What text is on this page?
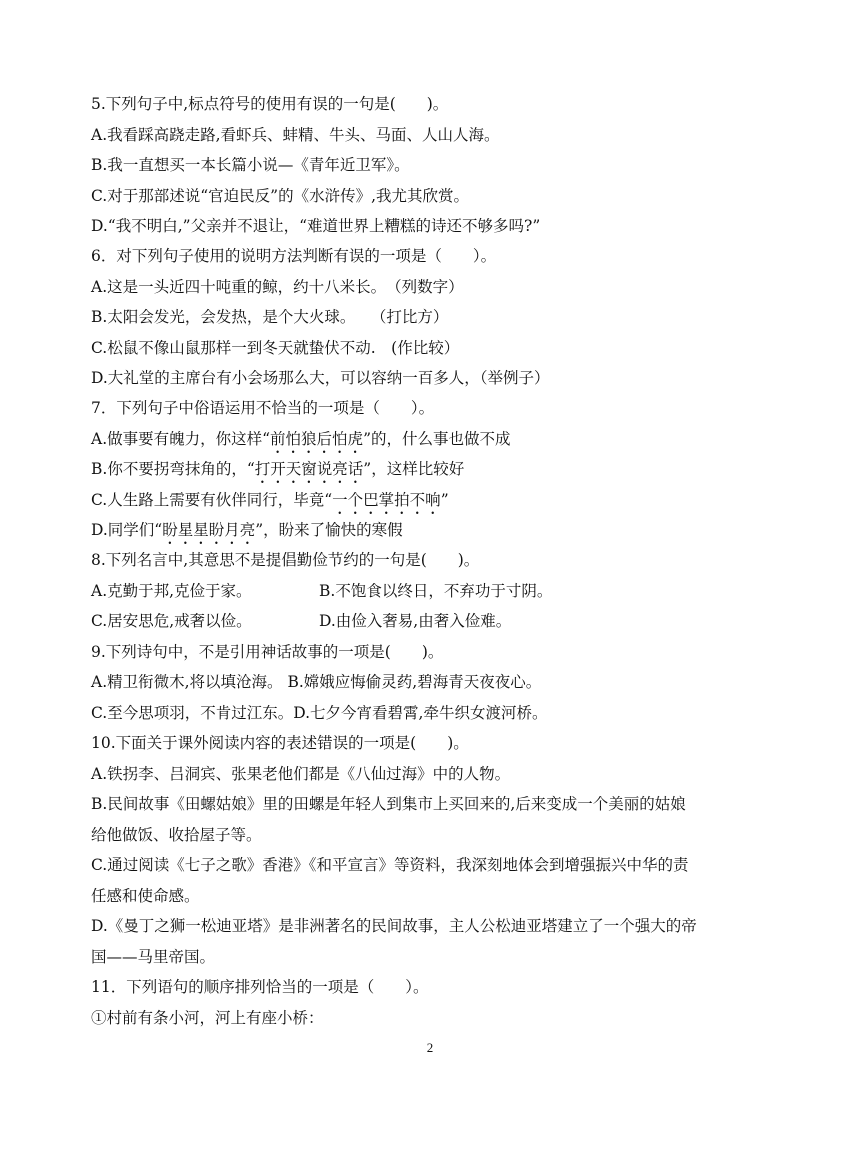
5.下列句子中,标点符号的使用有误的一句是(　　)。
A.我看踩高跷走路,看虾兵、蚌精、牛头、马面、人山人海。
B.我一直想买一本长篇小说—《青年近卫军》。
C.对于那部述说“官迫民反”的《水浒传》,我尤其欣赏。
D.“我不明白,”父亲并不退让，“难道世界上糟糕的诗还不够多吗?”
6．对下列句子使用的说明方法判断有误的一项是（　　）。
A.这是一头近四十吨重的鲸，约十八米长。　（列数字）
B.太阳会发光，会发热，是个大火球。　　（打比方）
C.松鼠不像山鼠那样一到冬天就蛰伏不动.　(作比较）
D.大礼堂的主席台有小会场那么大，可以容纳一百多人，（举例子）
7．下列句子中俗语运用不恰当的一项是（　　）。
A.做事要有魄力，你这样“前怕狼后怕虎”的，什么事也做不成
B.你不要拐弯抹角的，“打开天窗说亮话”，这样比较好
C.人生路上需要有伙伴同行，毕竟“一个巴掌拍不响”
D.同学们“盼星星盼月亮”，盼来了愉快的寒假
8.下列名言中,其意思不是提倡勤俭节约的一句是(　　)。
A.克勤于邦,克俭于家。	B.不饱食以终日，不弃功于寸阴。
C.居安思危,戒奢以俭。	D.由俭入奢易,由奢入俭难。
9.下列诗句中，不是引用神话故事的一项是(　　)。
A.精卫衔微木,将以填沧海。 B.嫦娥应悔偷灵药,碧海青天夜夜心。
C.至今思项羽，不肯过江东。D.七夕今宵看碧霄,牵牛织女渡河桥。
10.下面关于课外阅读内容的表述错误的一项是(　　)。
A.铁拐李、吕洞宾、张果老他们都是《八仙过海》中的人物。
B.民间故事《田螺姑娘》里的田螺是年轻人到集市上买回来的,后来变成一个美丽的姑娘
给他做饭、收拾屋子等。
C.通过阅读《七子之歌》香港》《和平宣言》等资料，我深刻地体会到增强振兴中华的责
任感和使命感。
D.《曼丁之狮一松迪亚塔》是非洲著名的民间故事，主人公松迪亚塔建立了一个强大的帝
国——马里帝国。
11．下列语句的顺序排列恰当的一项是（　　）。
①村前有条小河，河上有座小桥：
2
